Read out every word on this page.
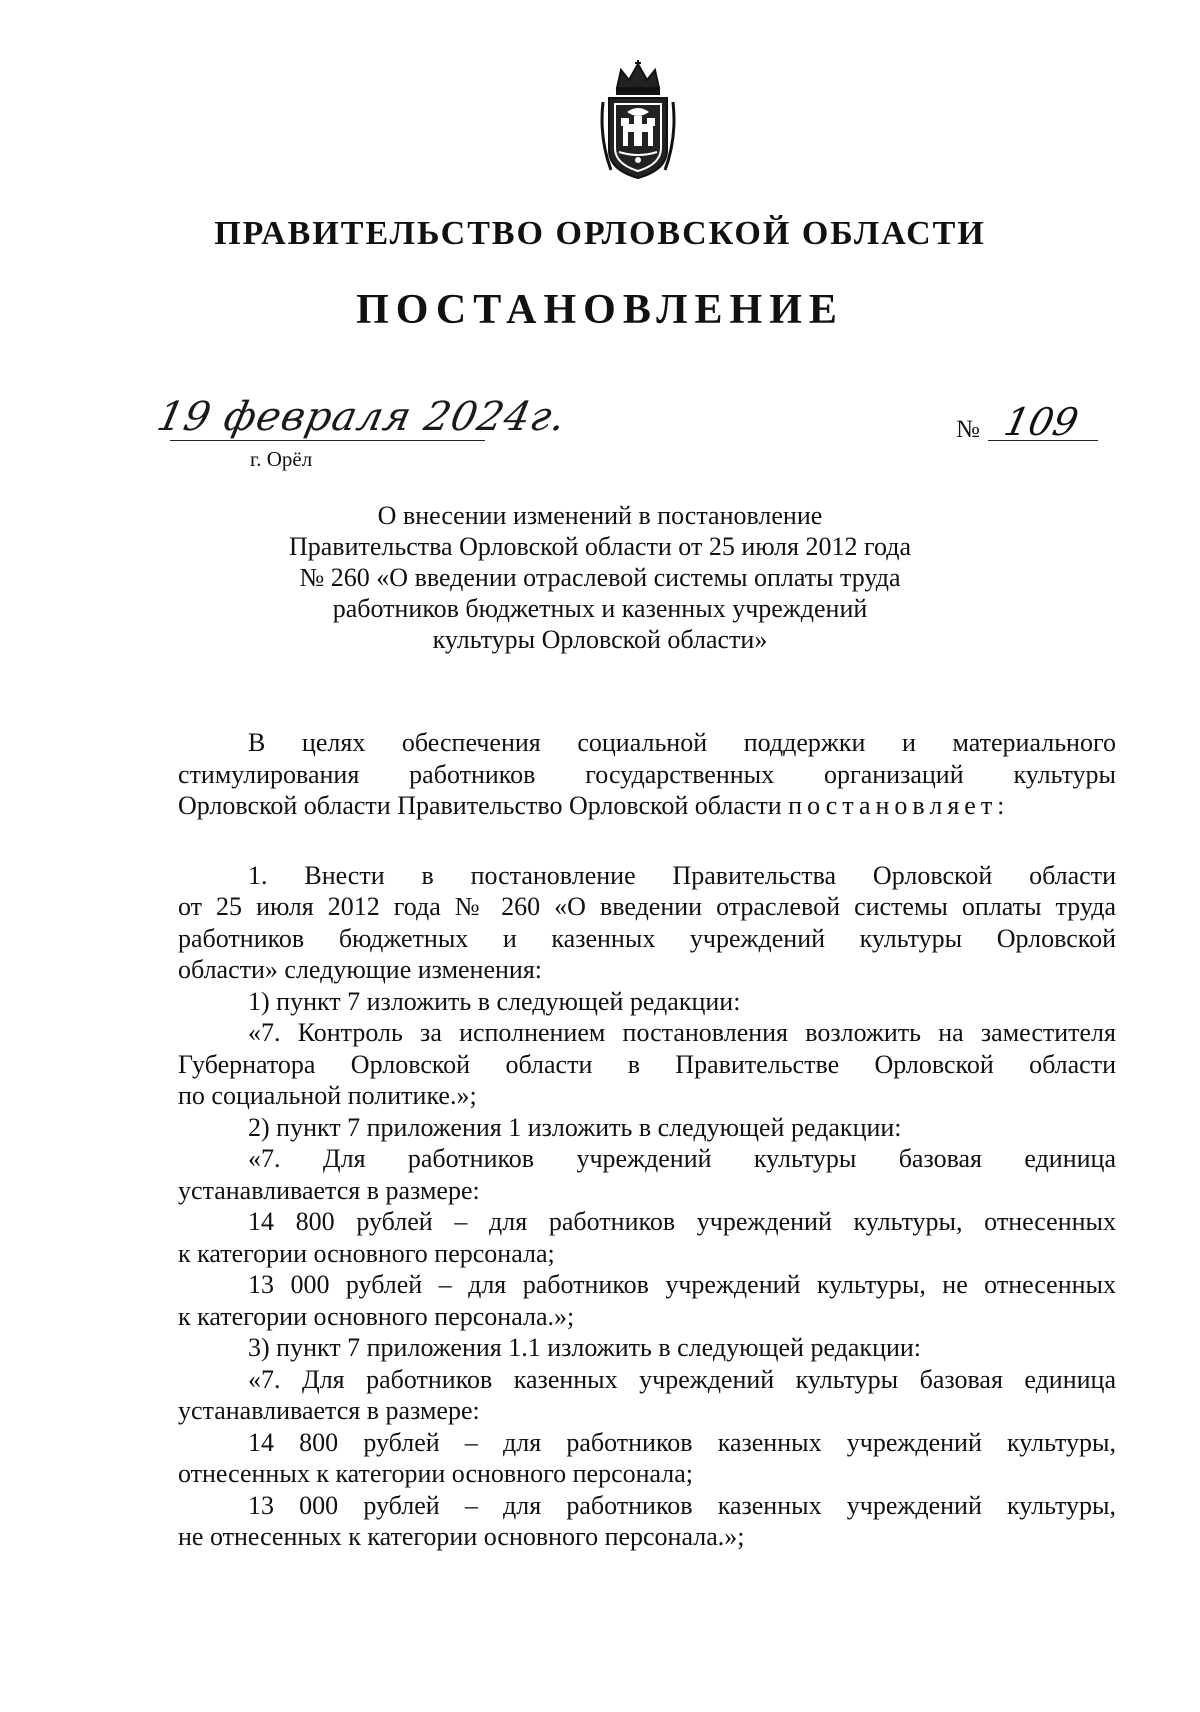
ПРАВИТЕЛЬСТВО ОРЛОВСКОЙ ОБЛАСТИ
ПОСТАНОВЛЕНИЕ
19 февраля 2024г.
г. Орёл
№ 109
О внесении изменений в постановление
Правительства Орловской области от 25 июля 2012 года
№ 260 «О введении отраслевой системы оплаты труда
работников бюджетных и казенных учреждений
культуры Орловской области»
В целях обеспечения социальной поддержки и материального
стимулирования работников государственных организаций культуры
Орловской области Правительство Орловской области постановляет:
1. Внести в постановление Правительства Орловской области
от 25 июля 2012 года № 260 «О введении отраслевой системы оплаты труда
работников бюджетных и казенных учреждений культуры Орловской
области» следующие изменения:
1) пункт 7 изложить в следующей редакции:
«7. Контроль за исполнением постановления возложить на заместителя
Губернатора Орловской области в Правительстве Орловской области
по социальной политике.»;
2) пункт 7 приложения 1 изложить в следующей редакции:
«7. Для работников учреждений культуры базовая единица
устанавливается в размере:
14 800 рублей – для работников учреждений культуры, отнесенных
к категории основного персонала;
13 000 рублей – для работников учреждений культуры, не отнесенных
к категории основного персонала.»;
3) пункт 7 приложения 1.1 изложить в следующей редакции:
«7. Для работников казенных учреждений культуры базовая единица
устанавливается в размере:
14 800 рублей – для работников казенных учреждений культуры,
отнесенных к категории основного персонала;
13 000 рублей – для работников казенных учреждений культуры,
не отнесенных к категории основного персонала.»;
